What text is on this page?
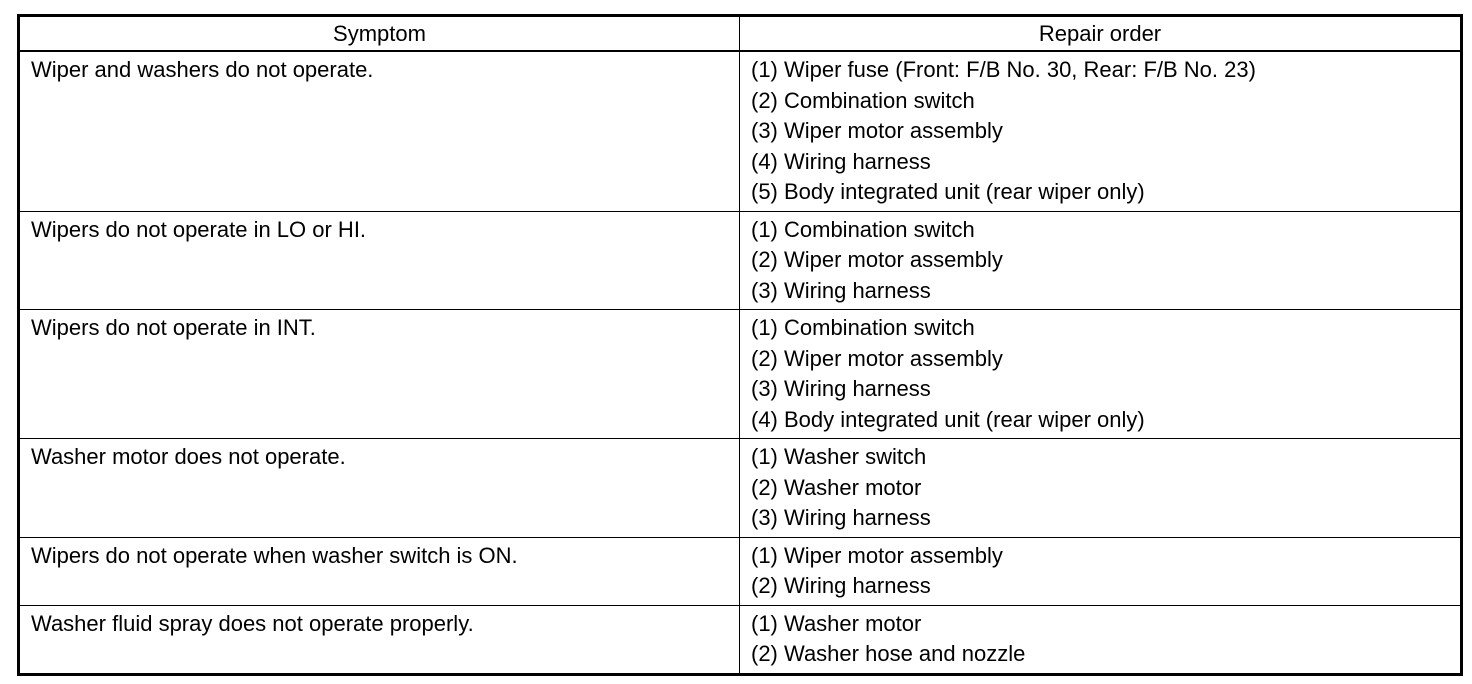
Symptom	Repair order
Wiper and washers do not operate.	(1) Wiper fuse (Front: F/B No. 30, Rear: F/B No. 23)
(2) Combination switch
(3) Wiper motor assembly
(4) Wiring harness
(5) Body integrated unit (rear wiper only)

Wipers do not operate in LO or HI.	(1) Combination switch
(2) Wiper motor assembly
(3) Wiring harness

Wipers do not operate in INT.	(1) Combination switch
(2) Wiper motor assembly
(3) Wiring harness
(4) Body integrated unit (rear wiper only)

Washer motor does not operate.	(1) Washer switch
(2) Washer motor
(3) Wiring harness

Wipers do not operate when washer switch is ON.	(1) Wiper motor assembly
(2) Wiring harness

Washer fluid spray does not operate properly.	(1) Washer motor
(2) Washer hose and nozzle
